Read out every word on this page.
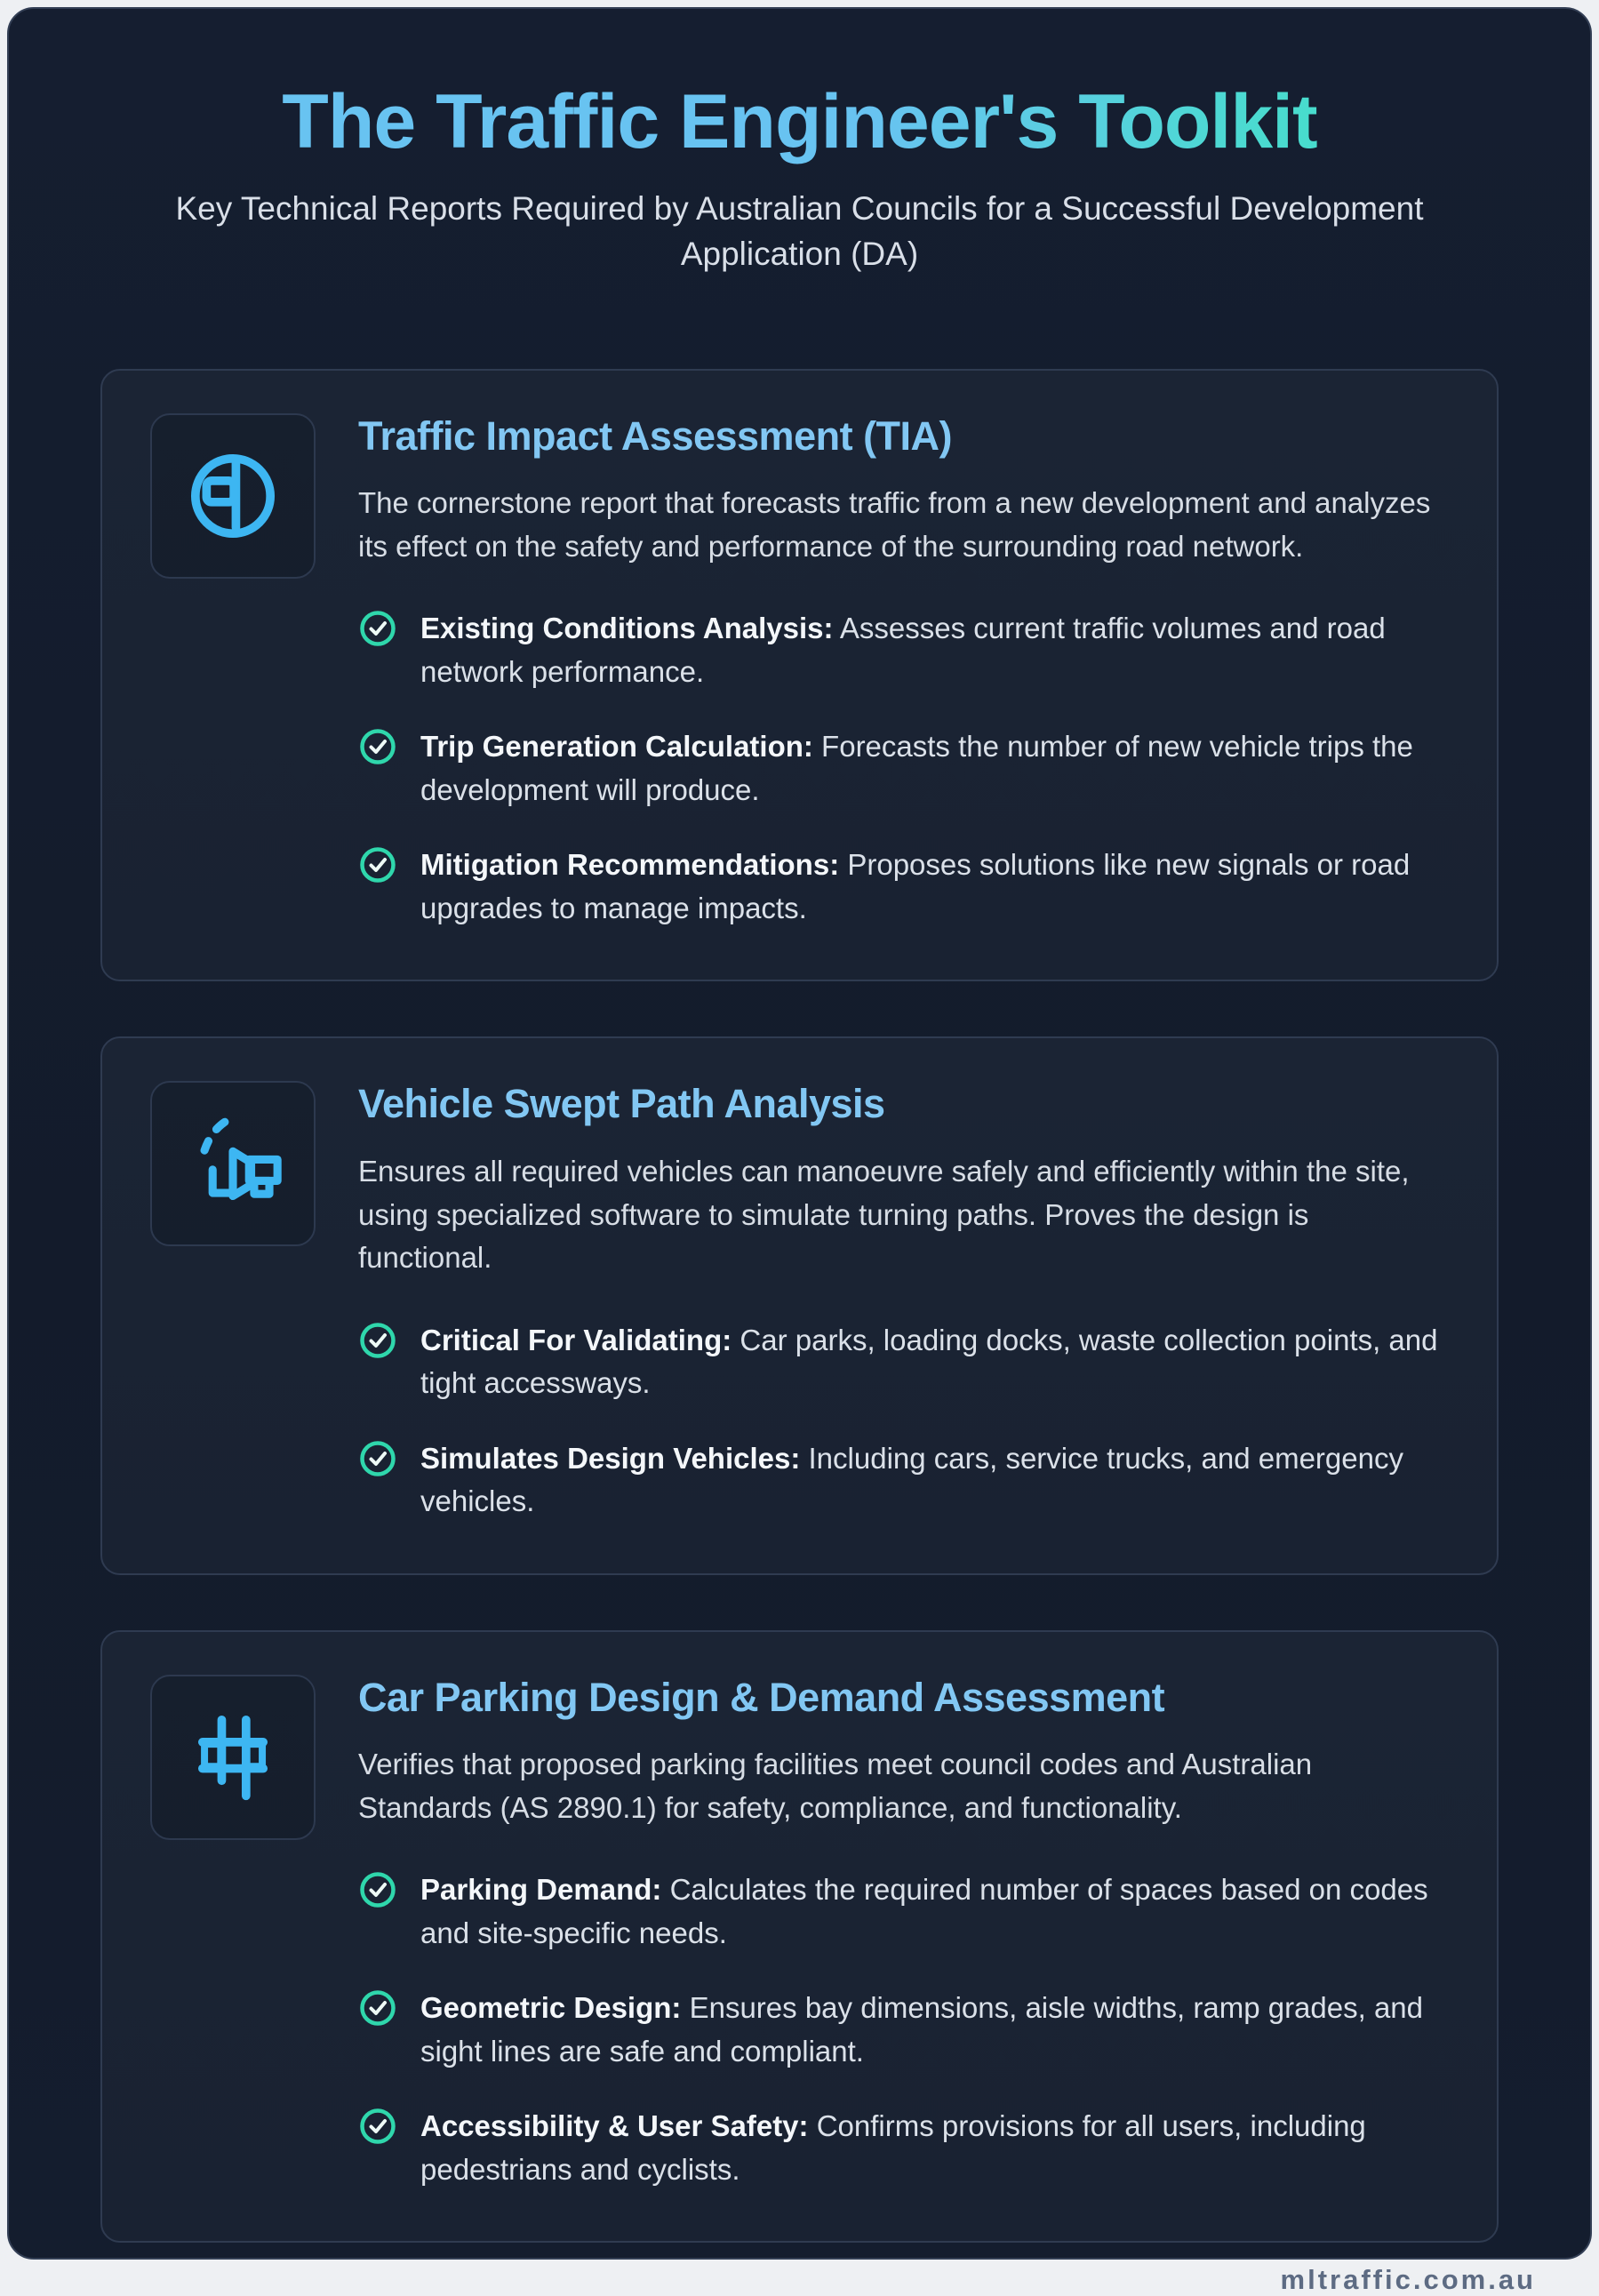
The Traffic Engineer's Toolkit

Key Technical Reports Required by Australian Councils for a Successful Development Application (DA)

Traffic Impact Assessment (TIA)

The cornerstone report that forecasts traffic from a new development and analyzes its effect on the safety and performance of the surrounding road network.

Existing Conditions Analysis: Assesses current traffic volumes and road network performance.

Trip Generation Calculation: Forecasts the number of new vehicle trips the development will produce.

Mitigation Recommendations: Proposes solutions like new signals or road upgrades to manage impacts.

Vehicle Swept Path Analysis

Ensures all required vehicles can manoeuvre safely and efficiently within the site, using specialized software to simulate turning paths. Proves the design is functional.

Critical For Validating: Car parks, loading docks, waste collection points, and tight accessways.

Simulates Design Vehicles: Including cars, service trucks, and emergency vehicles.

Car Parking Design & Demand Assessment

Verifies that proposed parking facilities meet council codes and Australian Standards (AS 2890.1) for safety, compliance, and functionality.

Parking Demand: Calculates the required number of spaces based on codes and site-specific needs.

Geometric Design: Ensures bay dimensions, aisle widths, ramp grades, and sight lines are safe and compliant.

Accessibility & User Safety: Confirms provisions for all users, including pedestrians and cyclists.

mltraffic.com.au
